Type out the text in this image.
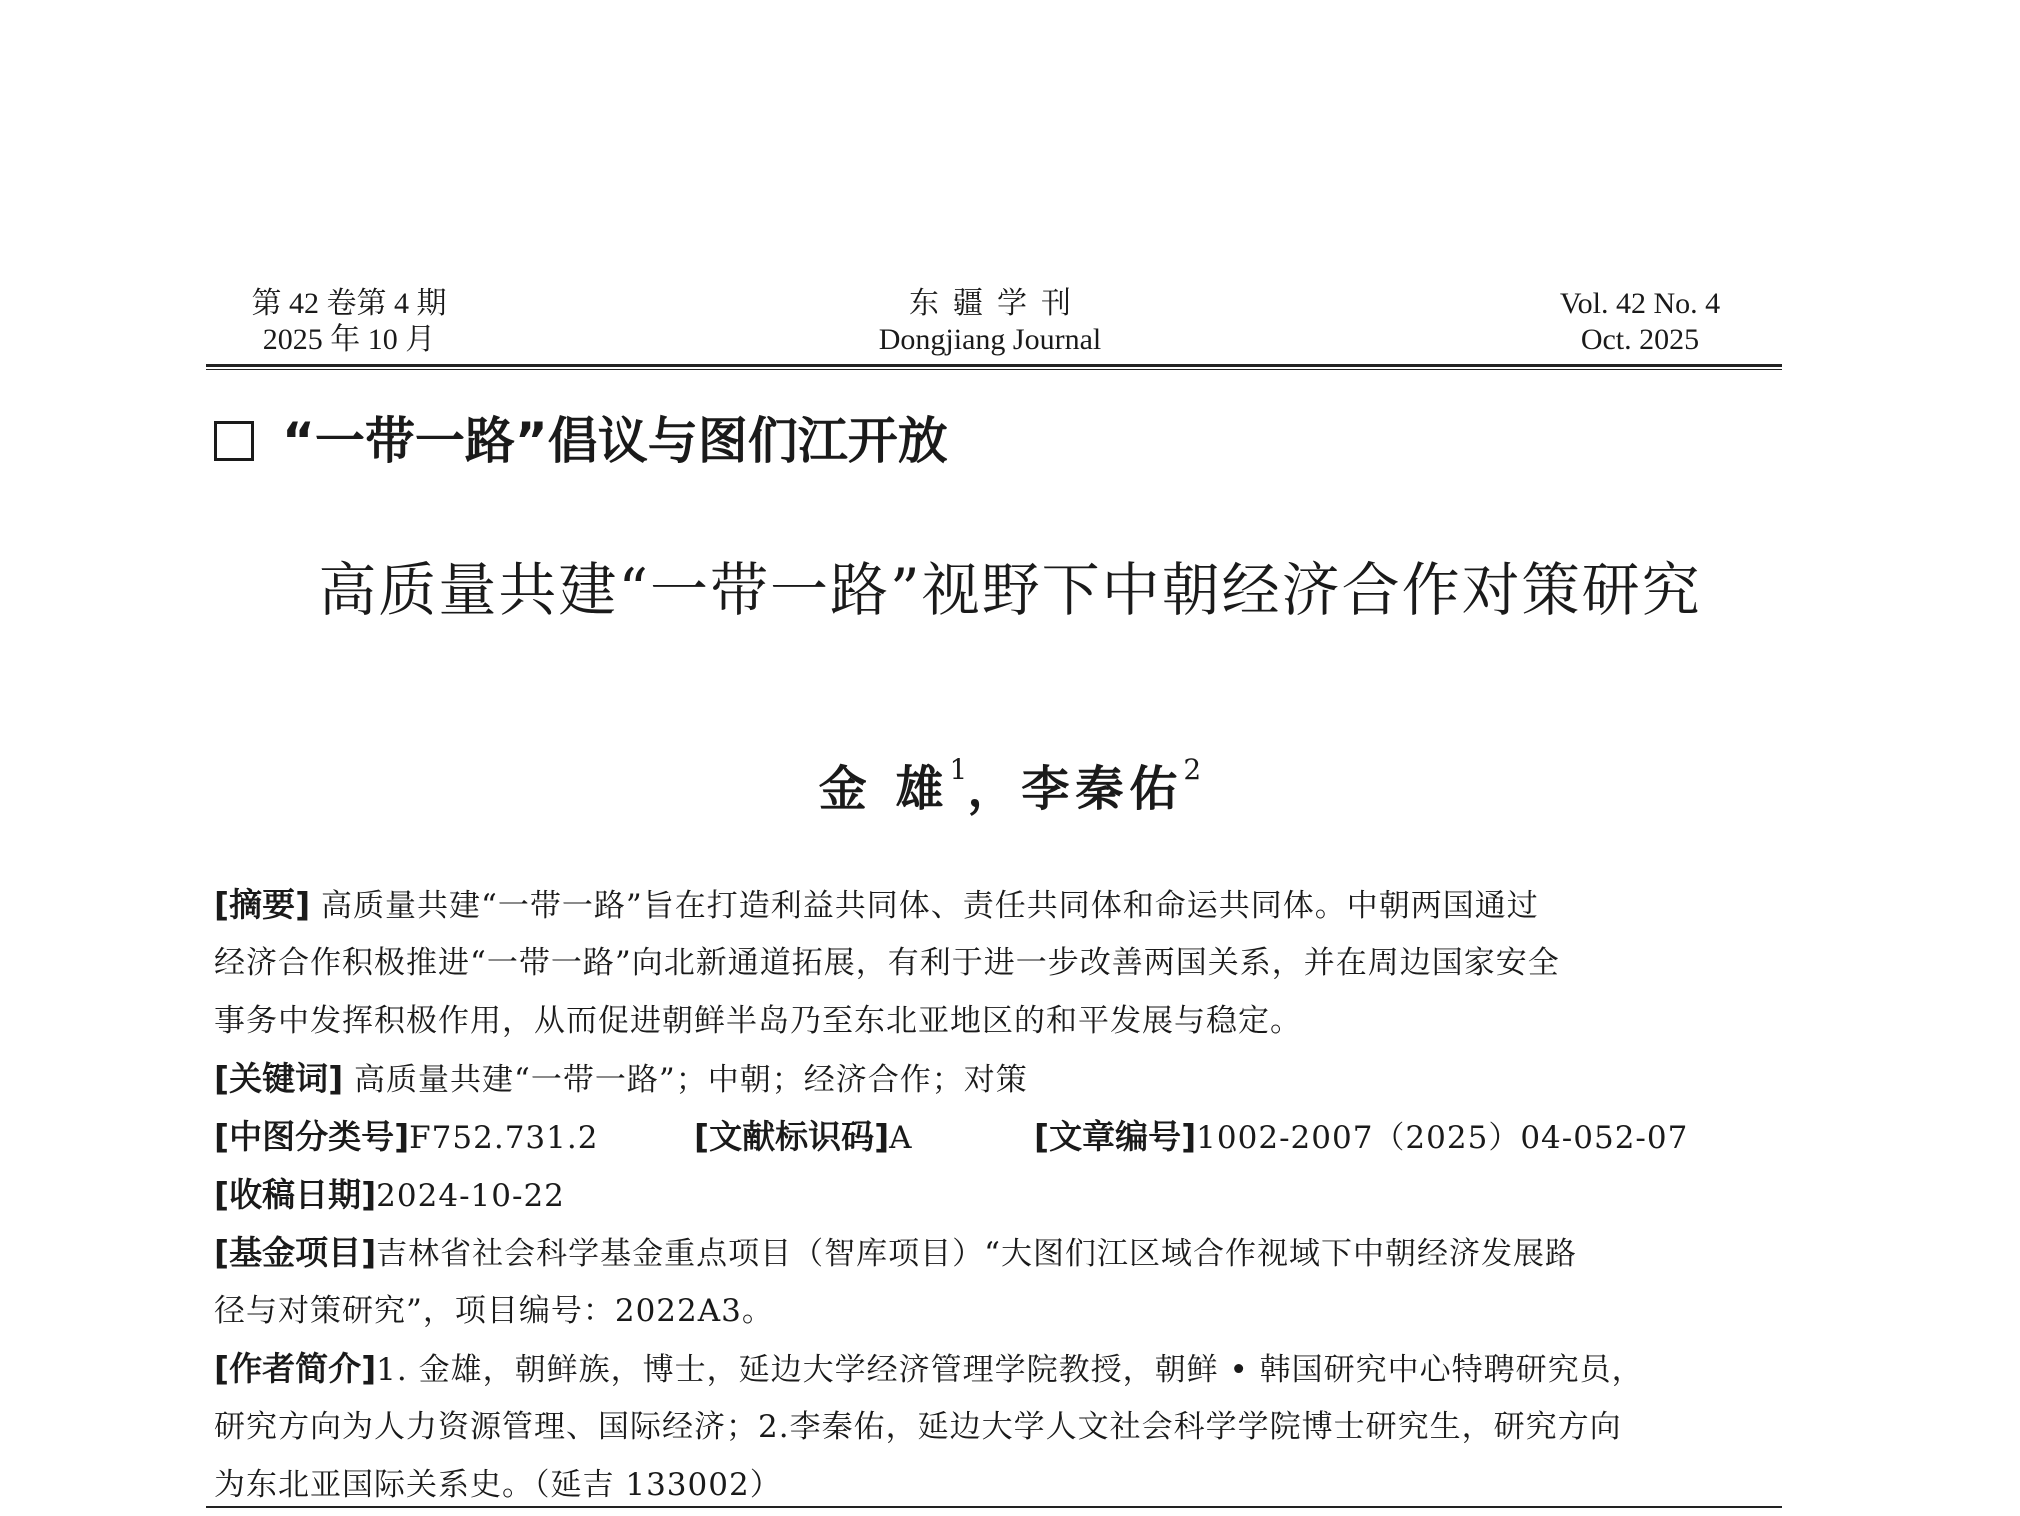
第 42 卷第 4 期
2025 年 10 月
东疆学刊
Dongjiang Journal
Vol. 42 No. 4
Oct. 2025
“一带一路”倡议与图们江开放
高质量共建“一带一路”视野下中朝经济合作对策研究
金 雄$^1$，李秦佑$^2$
[摘要] 高质量共建“一带一路”旨在打造利益共同体、责任共同体和命运共同体。中朝两国通过
经济合作积极推进“一带一路”向北新通道拓展，有利于进一步改善两国关系，并在周边国家安全
事务中发挥积极作用，从而促进朝鲜半岛乃至东北亚地区的和平发展与稳定。
[关键词] 高质量共建“一带一路”；中朝；经济合作；对策
[中图分类号]F752.731.2	[文献标识码]A	[文章编号]1002-2007（2025）04-052-07
[收稿日期]2024-10-22
[基金项目]吉林省社会科学基金重点项目（智库项目）“大图们江区域合作视域下中朝经济发展路
径与对策研究”，项目编号：2022A3。
[作者简介]1. 金雄，朝鲜族，博士，延边大学经济管理学院教授，朝鲜 • 韩国研究中心特聘研究员，
研究方向为人力资源管理、国际经济；2.李秦佑，延边大学人文社会科学学院博士研究生，研究方向
为东北亚国际关系史。（延吉 133002）
